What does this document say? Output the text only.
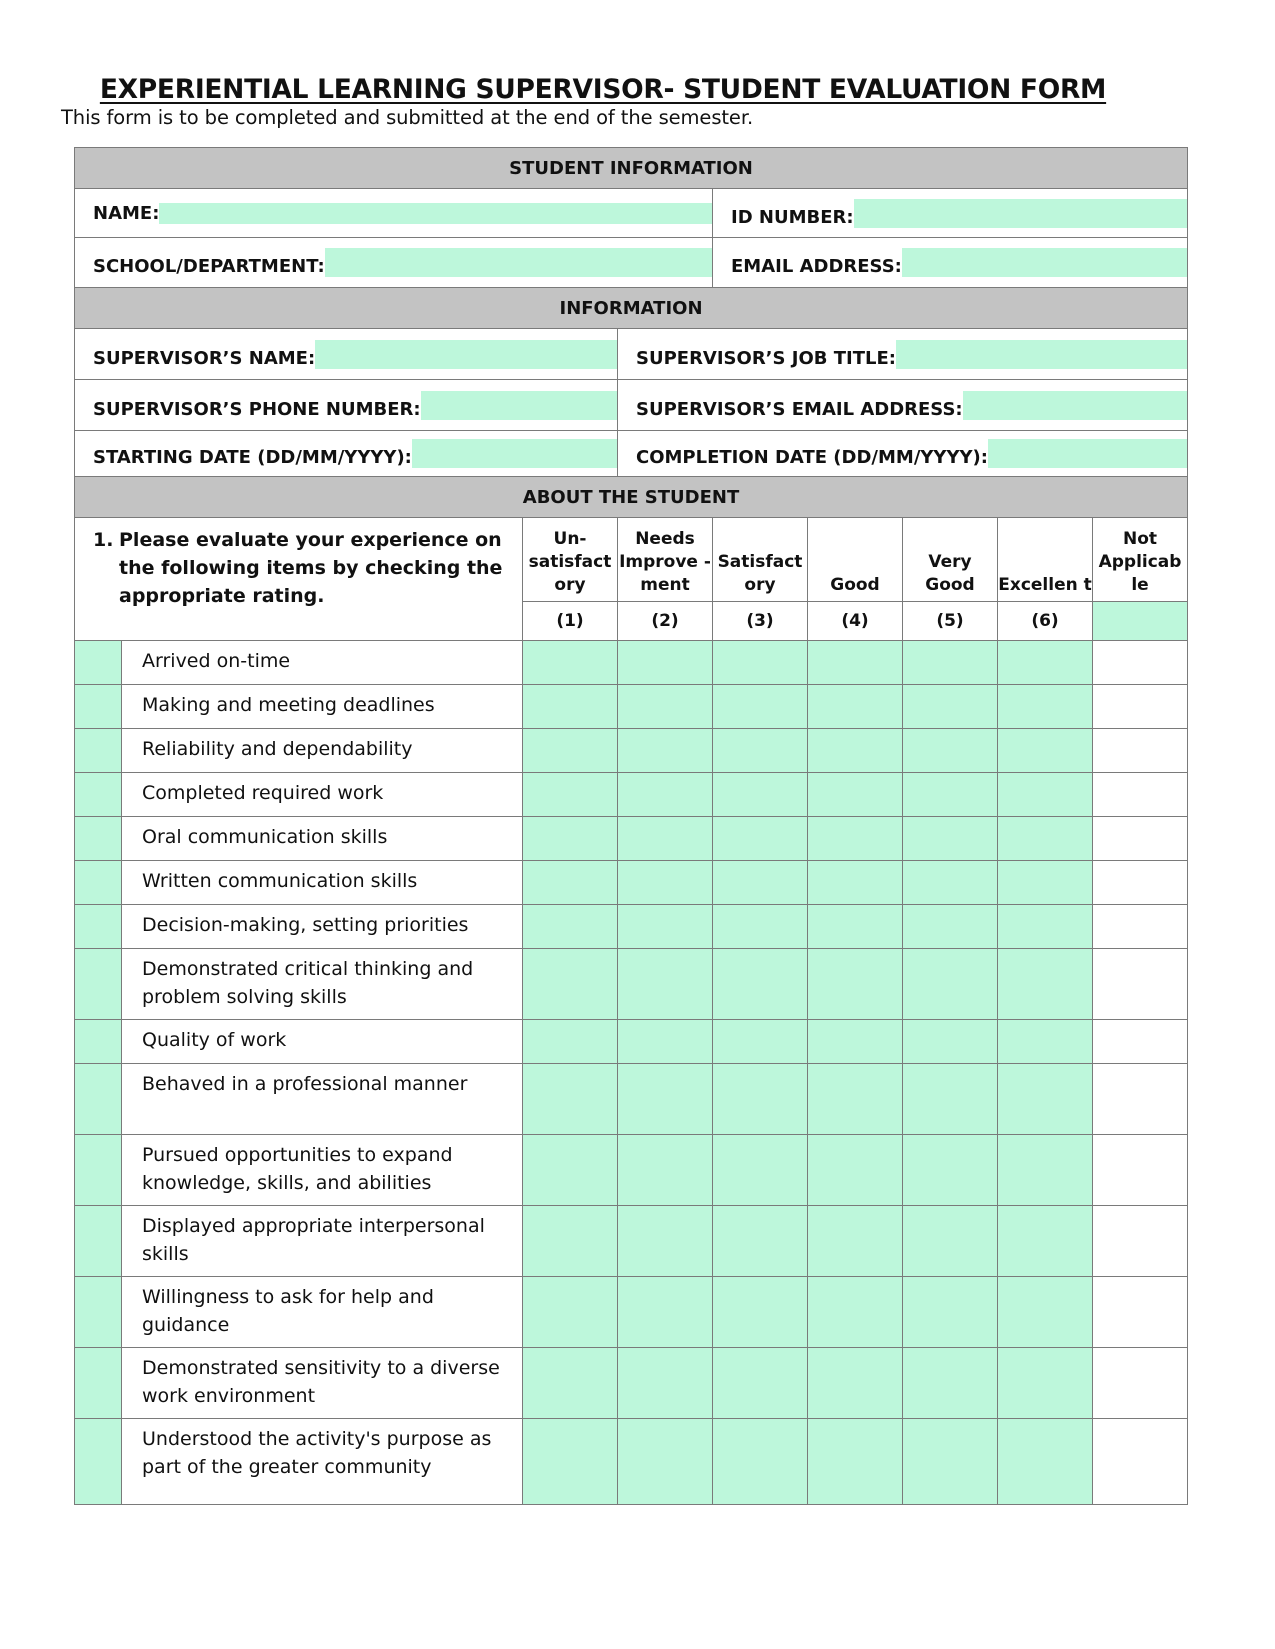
EXPERIENTIAL LEARNING SUPERVISOR- STUDENT EVALUATION FORM
This form is to be completed and submitted at the end of the semester.
STUDENT INFORMATION								

NAME:				ID NUMBER:				

SCHOOL/DEPARTMENT:				EMAIL ADDRESS:				

INFORMATION								

SUPERVISOR’S NAME:			SUPERVISOR’S JOB TITLE:					

SUPERVISOR’S PHONE NUMBER:			SUPERVISOR’S EMAIL ADDRESS:					

STARTING DATE (DD/MM/YYYY):			COMPLETION DATE (DD/MM/YYYY):					

ABOUT THE STUDENT								
1. Please evaluate your experience on the following items by checking the appropriate rating.		Un- satisfact ory	Needs Improve -ment	Satisfact ory	Good	Very Good	Excellen t	Not Applicab le
		(1)	(2)	(3)	(4)	(5)	(6)	
	Arrived on-time							
	Making and meeting deadlines							
	Reliability and dependability							
	Completed required work							
	Oral communication skills							
	Written communication skills							
	Decision-making, setting priorities							
	Demonstrated critical thinking and problem solving skills							
	Quality of work							
	Behaved in a professional manner							
	Pursued opportunities to expand knowledge, skills, and abilities							
	Displayed appropriate interpersonal skills							
	Willingness to ask for help and guidance							
	Demonstrated sensitivity to a diverse work environment							
	Understood the activity's purpose as part of the greater community							
